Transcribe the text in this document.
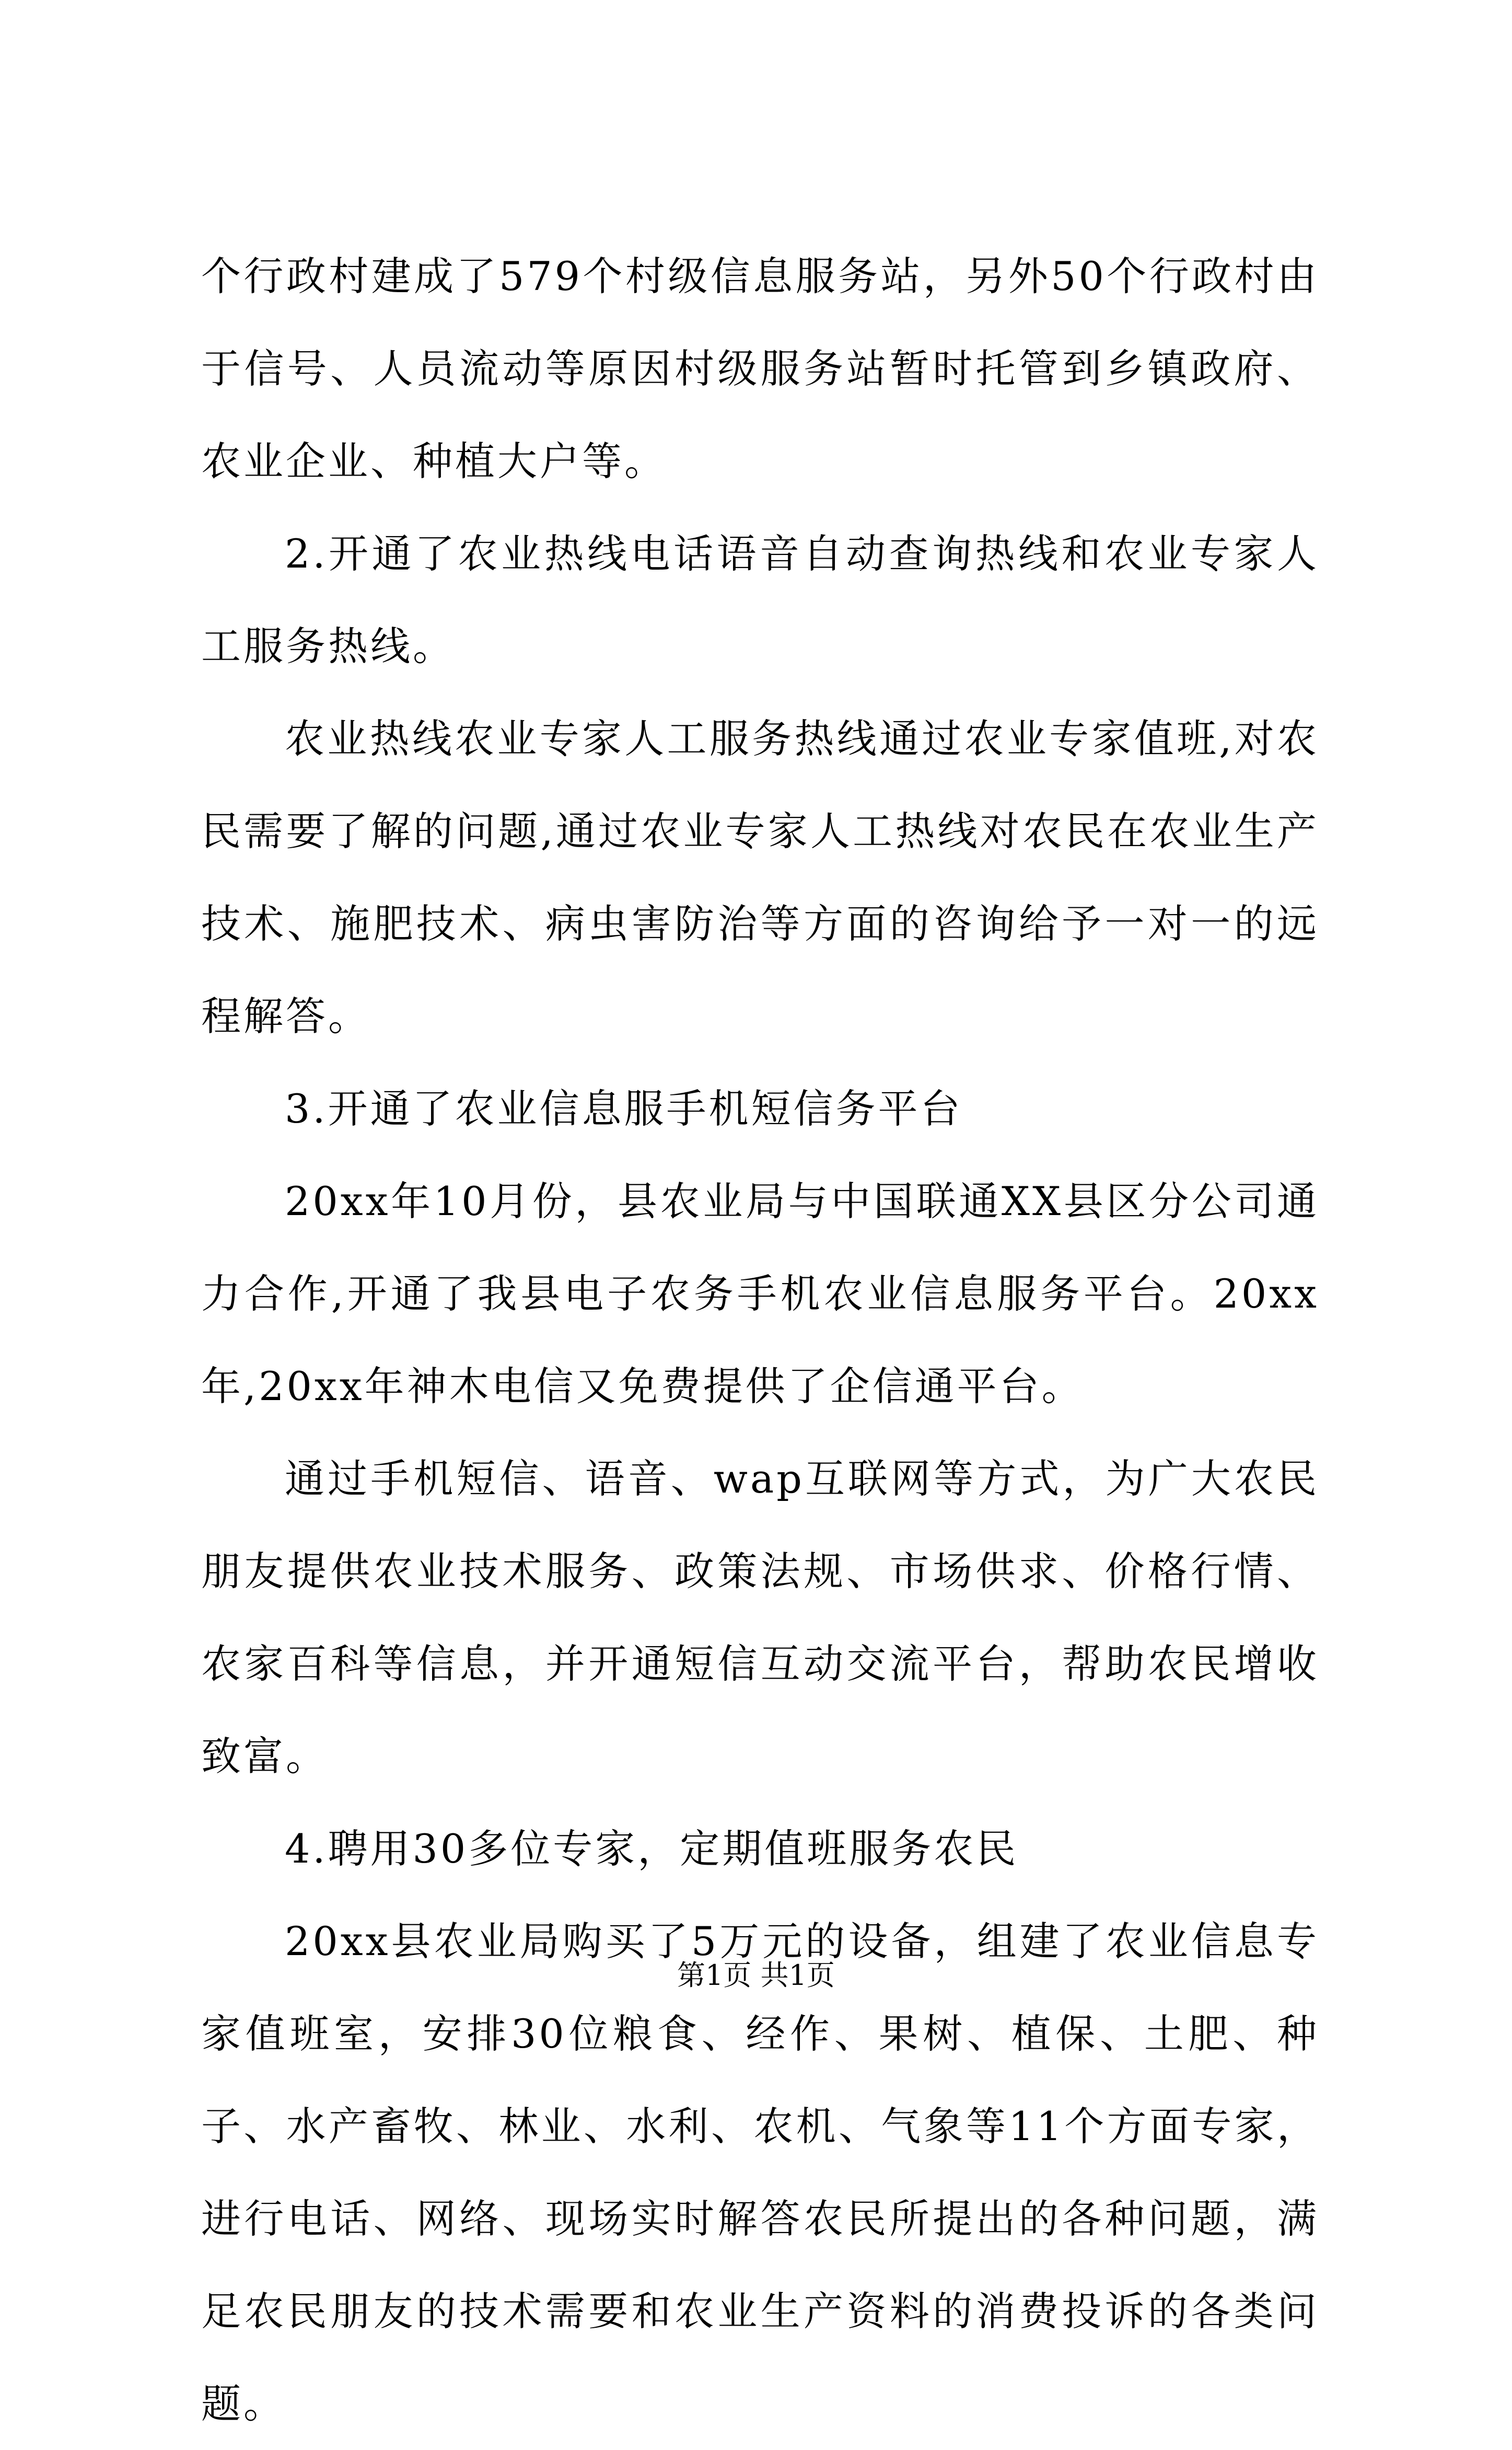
个行政村建成了579个村级信息服务站，另外50个行政村由于信号、人员流动等原因村级服务站暂时托管到乡镇政府、农业企业、种植大户等。

2.开通了农业热线电话语音自动查询热线和农业专家人工服务热线。

农业热线农业专家人工服务热线通过农业专家值班,对农民需要了解的问题,通过农业专家人工热线对农民在农业生产技术、施肥技术、病虫害防治等方面的咨询给予一对一的远程解答。

3.开通了农业信息服手机短信务平台

20xx年10月份，县农业局与中国联通XX县区分公司通力合作,开通了我县电子农务手机农业信息服务平台。20xx年,20xx年神木电信又免费提供了企信通平台。

通过手机短信、语音、wap互联网等方式，为广大农民朋友提供农业技术服务、政策法规、市场供求、价格行情、农家百科等信息，并开通短信互动交流平台，帮助农民增收致富。

4.聘用30多位专家，定期值班服务农民

20xx县农业局购买了5万元的设备，组建了农业信息专家值班室，安排30位粮食、经作、果树、植保、土肥、种子、水产畜牧、林业、水利、农机、气象等11个方面专家，进行电话、网络、现场实时解答农民所提出的各种问题，满足农民朋友的技术需要和农业生产资料的消费投诉的各类问题。

第1页 共1页
